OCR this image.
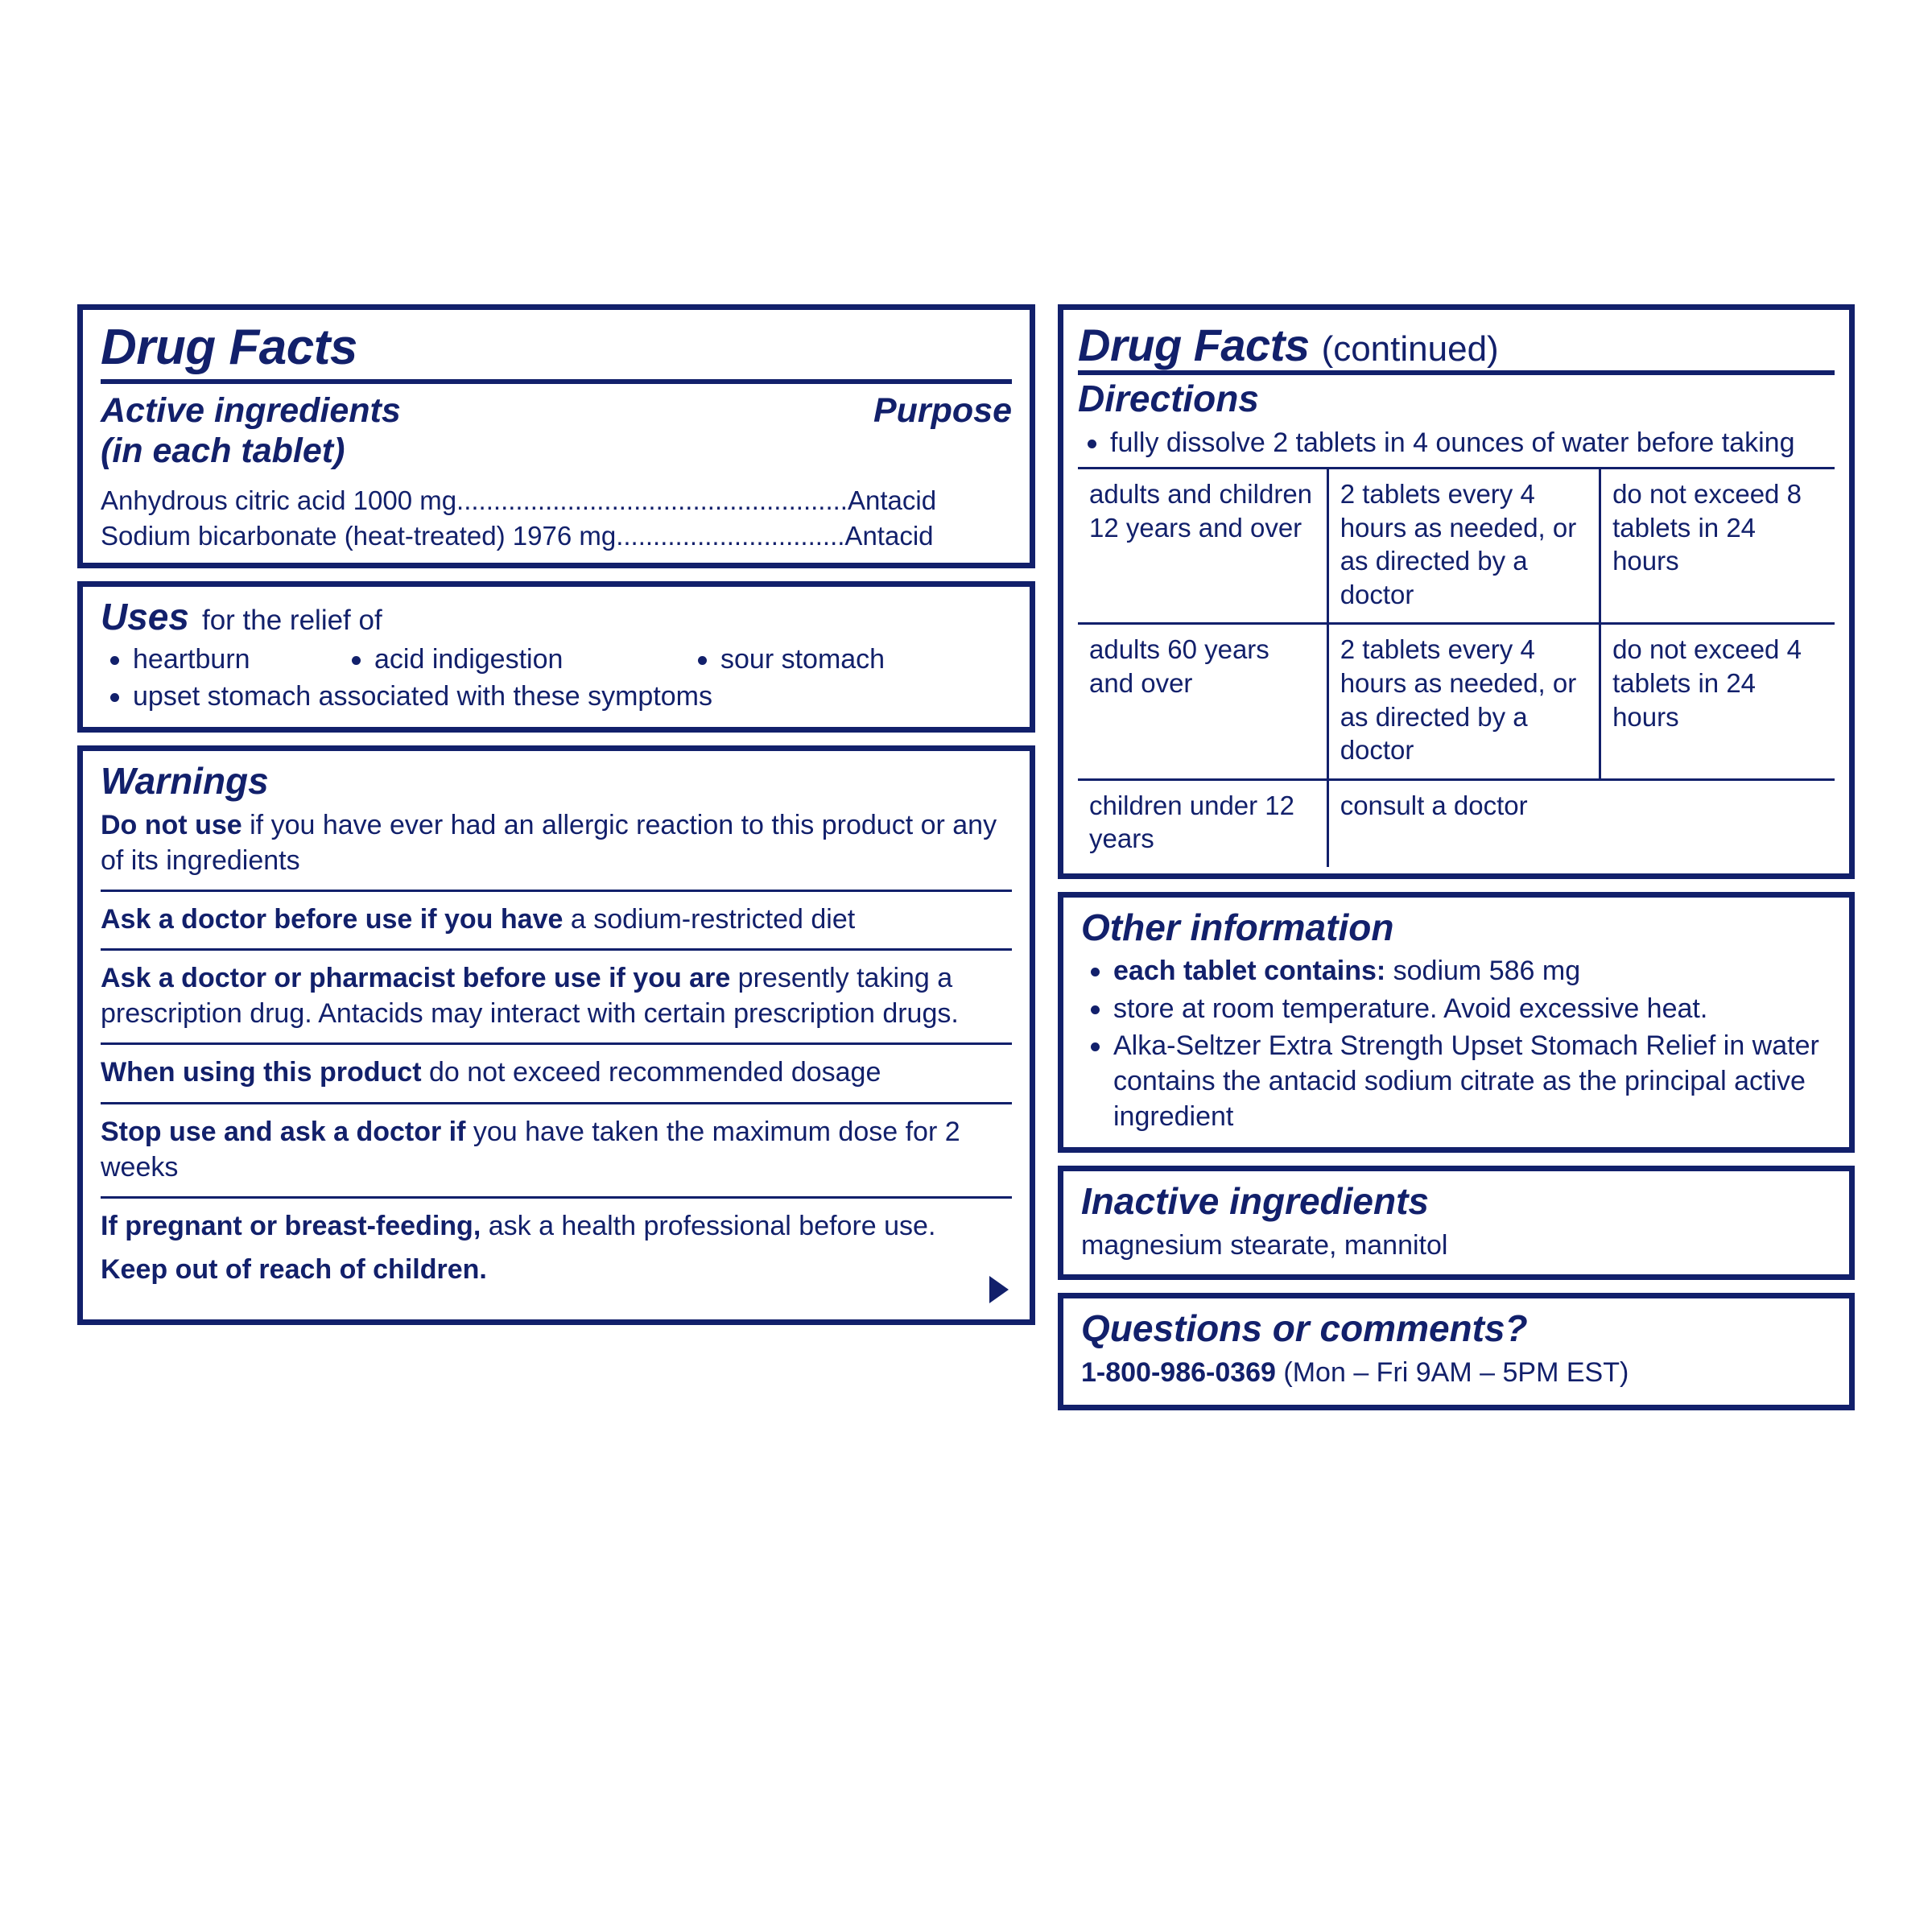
Drug Facts
Active ingredients
(in each tablet)
Purpose
Anhydrous citric acid 1000 mg.....................................................Antacid
Sodium bicarbonate (heat-treated) 1976 mg...............................Antacid
Uses for the relief of
heartburn	acid indigestion	sour stomach
upset stomach associated with these symptoms
Warnings
Do not use if you have ever had an allergic reaction to this product or any of its ingredients
Ask a doctor before use if you have a sodium-restricted diet
Ask a doctor or pharmacist before use if you are presently taking a prescription drug. Antacids may interact with certain prescription drugs.
When using this product do not exceed recommended dosage
Stop use and ask a doctor if you have taken the maximum dose for 2 weeks
If pregnant or breast-feeding, ask a health professional before use.
Keep out of reach of children.
Drug Facts (continued)
Directions
fully dissolve 2 tablets in 4 ounces of water before taking
adults and children 12 years and over	2 tablets every 4 hours as needed, or as directed by a doctor	do not exceed 8 tablets in 24 hours
adults 60 years and over	2 tablets every 4 hours as needed, or as directed by a doctor	do not exceed 4 tablets in 24 hours
children under 12 years	consult a doctor	
Other information
each tablet contains: sodium 586 mg
store at room temperature. Avoid excessive heat.
Alka-Seltzer Extra Strength Upset Stomach Relief in water contains the antacid sodium citrate as the principal active ingredient
Inactive ingredients
magnesium stearate, mannitol
Questions or comments?
1-800-986-0369 (Mon – Fri 9AM – 5PM EST)
